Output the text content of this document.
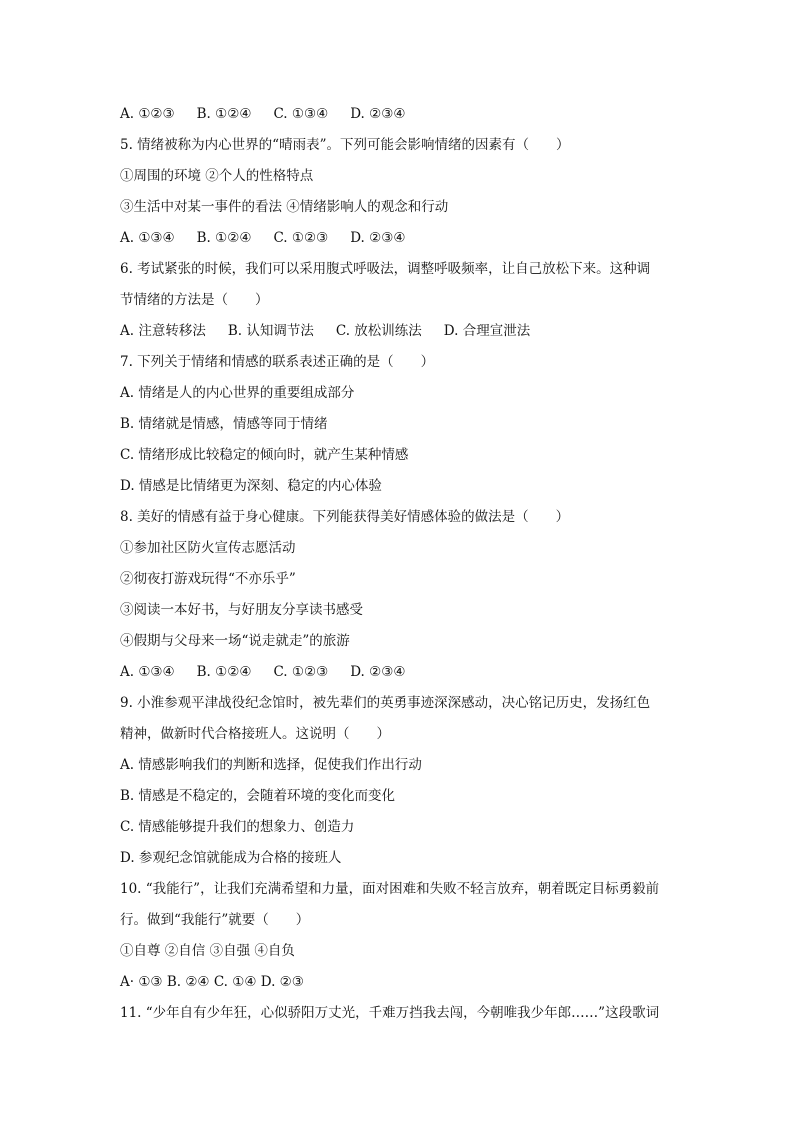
A. ①②③ B. ①②④ C. ①③④ D. ②③④
5. 情绪被称为内心世界的“晴雨表”。下列可能会影响情绪的因素有（　　）
①周围的环境 ②个人的性格特点
③生活中对某一事件的看法 ④情绪影响人的观念和行动
A. ①③④ B. ①②④ C. ①②③ D. ②③④
6. 考试紧张的时候，我们可以采用腹式呼吸法，调整呼吸频率，让自己放松下来。这种调
节情绪的方法是（　　）
A. 注意转移法 B. 认知调节法 C. 放松训练法 D. 合理宣泄法
7. 下列关于情绪和情感的联系表述正确的是（　　）
A. 情绪是人的内心世界的重要组成部分
B. 情绪就是情感，情感等同于情绪
C. 情绪形成比较稳定的倾向时，就产生某种情感
D. 情感是比情绪更为深刻、稳定的内心体验
8. 美好的情感有益于身心健康。下列能获得美好情感体验的做法是（　　）
①参加社区防火宣传志愿活动
②彻夜打游戏玩得“不亦乐乎”
③阅读一本好书，与好朋友分享读书感受
④假期与父母来一场“说走就走”的旅游
A. ①③④ B. ①②④ C. ①②③ D. ②③④
9. 小淮参观平津战役纪念馆时，被先辈们的英勇事迹深深感动，决心铭记历史，发扬红色
精神，做新时代合格接班人。这说明（　　）
A. 情感影响我们的判断和选择，促使我们作出行动
B. 情感是不稳定的，会随着环境的变化而变化
C. 情感能够提升我们的想象力、创造力
D. 参观纪念馆就能成为合格的接班人
10. “我能行”，让我们充满希望和力量，面对困难和失败不轻言放弃，朝着既定目标勇毅前
行。做到“我能行”就要（　　）
①自尊 ②自信 ③自强 ④自负
A· ①③ B. ②④ C. ①④ D. ②③
11. “少年自有少年狂，心似骄阳万丈光，千难万挡我去闯，今朝唯我少年郎……”这段歌词
